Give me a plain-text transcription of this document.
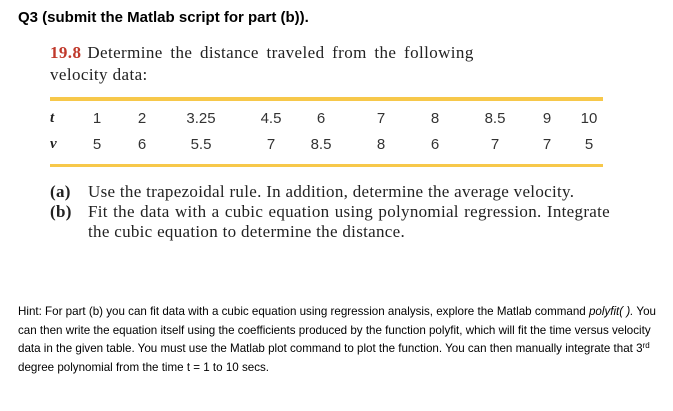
Q3 (submit the Matlab script for part (b)).
19.8 Determine the distance traveled from the following
velocity data:
t	1 2	3.25	4.5 6	7	8	8.5 9 10
v 5 6	5.5	7 8.5	8	6	7	7 5
(a) Use the trapezoidal rule. In addition, determine the average velocity.
(b) Fit the data with a cubic equation using polynomial regression. Integrate the cubic equation to determine the distance.
Hint: For part (b) you can fit data with a cubic equation using regression analysis, explore the Matlab command polyfit( ). You can then write the equation itself using the coefficients produced by the function polyfit, which will fit the time versus velocity data in the given table. You must use the Matlab plot command to plot the function. You can then manually integrate that 3rd degree polynomial from the time t = 1 to 10 secs.
